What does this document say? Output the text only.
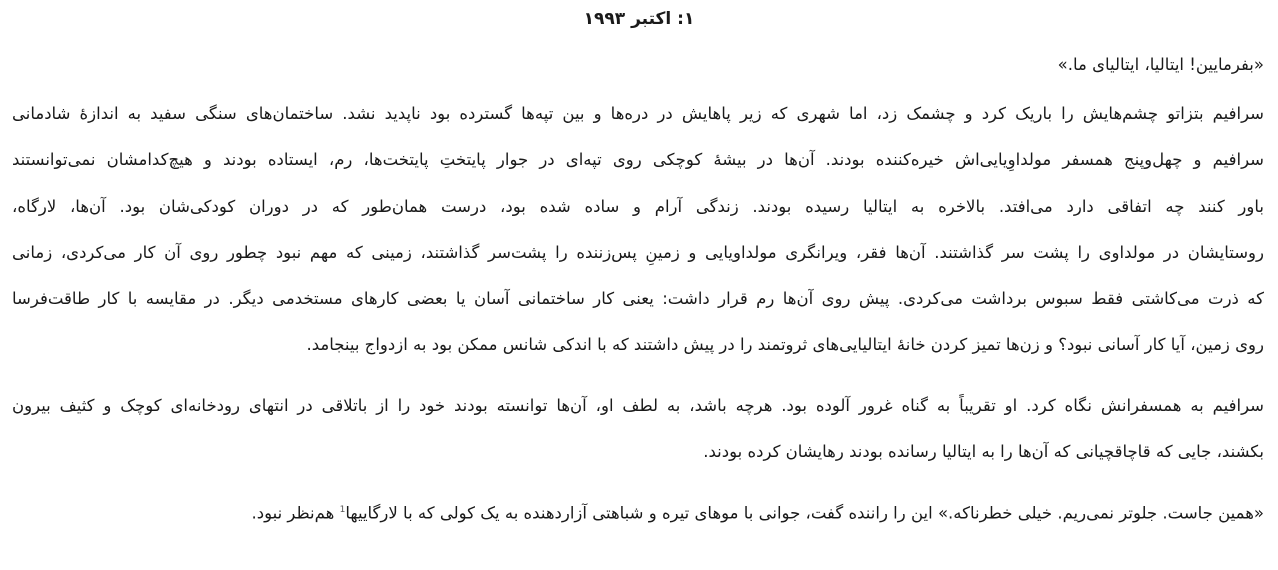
۱: اکتبر ۱۹۹۳
«بفرمایین! ایتالیا، ایتالیای ما.»
سرافیم بتزاتو چشم‌هایش را باریک کرد و چشمک زد، اما شهری که زیر پاهایش در دره‌ها و بین تپه‌ها گسترده بود ناپدید نشد. ساختمان‌های سنگی سفید به اندازهٔ شادمانی
سرافیم و چهل‌وپنج همسفر مولداوِیایی‌اش خیره‌کننده بودند. آن‌ها در بیشهٔ کوچکی روی تپه‌ای در جوار پایتختِ پایتخت‌ها، رم، ایستاده بودند و هیچ‌کدامشان نمی‌توانستند
باور کنند چه اتفاقی دارد می‌افتد. بالاخره به ایتالیا رسیده بودند. زندگی آرام و ساده شده بود، درست همان‌طور که در دوران کودکی‌شان بود. آن‌ها، لارگاه،
روستایشان در مولداوی را پشت سر گذاشتند. آن‌ها فقر، ویرانگری مولداویایی و زمینِ پس‌زننده را پشت‌سر گذاشتند، زمینی که مهم نبود چطور روی آن کار می‌کردی، زمانی
که ذرت می‌کاشتی فقط سبوس برداشت می‌کردی. پیش روی آن‌ها رم قرار داشت: یعنی کار ساختمانی آسان یا بعضی کارهای مستخدمی دیگر. در مقایسه با کار طاقت‌فرسا
روی زمین، آیا کار آسانی نبود؟ و زن‌ها تمیز کردن خانهٔ ایتالیایی‌های ثروتمند را در پیش داشتند که با اندکی شانس ممکن بود به ازدواج بینجامد.
سرافیم به همسفرانش نگاه کرد. او تقریباً به گناه غرور آلوده بود. هرچه باشد، به لطف او، آن‌ها توانسته بودند خود را از باتلاقی در انتهای رودخانه‌ای کوچک و کثیف بیرون
بکشند، جایی که قاچاقچیانی که آن‌ها را به ایتالیا رسانده بودند رهایشان کرده بودند.
«همین جاست. جلوتر نمی‌ریم. خیلی خطرناکه.» این را راننده گفت، جوانی با موهای تیره و شباهتی آزاردهنده به یک کولی که با لارگاییها$^1$ هم‌نظر نبود.
